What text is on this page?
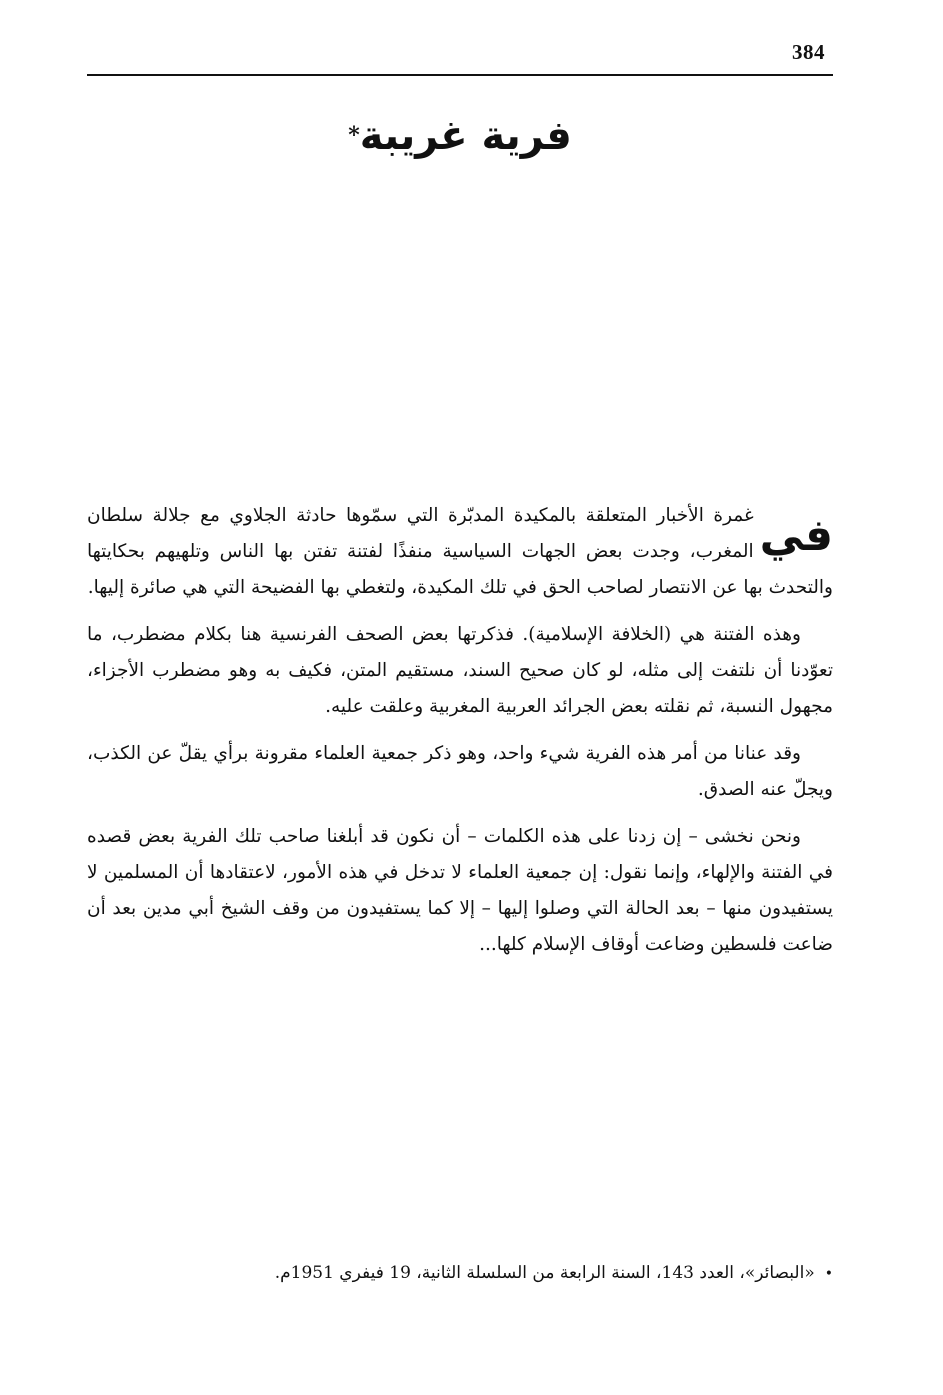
384
فرية غريبة*

في
غمرة الأخبار المتعلقة بالمكيدة المدبّرة التي سمّوها حادثة الجلاوي مع جلالة سلطان المغرب، وجدت بعض الجهات السياسية منفذًا لفتنة تفتن بها الناس وتلهيهم بحكايتها والتحدث بها عن الانتصار لصاحب الحق في تلك المكيدة، ولتغطي بها الفضيحة التي هي صائرة إليها.

وهذه الفتنة هي (الخلافة الإسلامية). فذكرتها بعض الصحف الفرنسية هنا بكلام مضطرب، ما تعوّدنا أن نلتفت إلى مثله، لو كان صحيح السند، مستقيم المتن، فكيف به وهو مضطرب الأجزاء، مجهول النسبة، ثم نقلته بعض الجرائد العربية المغربية وعلقت عليه.

وقد عنانا من أمر هذه الفرية شيء واحد، وهو ذكر جمعية العلماء مقرونة برأي يقلّ عن الكذب، ويجلّ عنه الصدق.

ونحن نخشى – إن زدنا على هذه الكلمات – أن نكون قد أبلغنا صاحب تلك الفرية بعض قصده في الفتنة والإلهاء، وإنما نقول: إن جمعية العلماء لا تدخل في هذه الأمور، لاعتقادها أن المسلمين لا يستفيدون منها – بعد الحالة التي وصلوا إليها – إلا كما يستفيدون من وقف الشيخ أبي مدين بعد أن ضاعت فلسطين وضاعت أوقاف الإسلام كلها...

•«البصائر»، العدد 143، السنة الرابعة من السلسلة الثانية، 19 فيفري 1951م.
